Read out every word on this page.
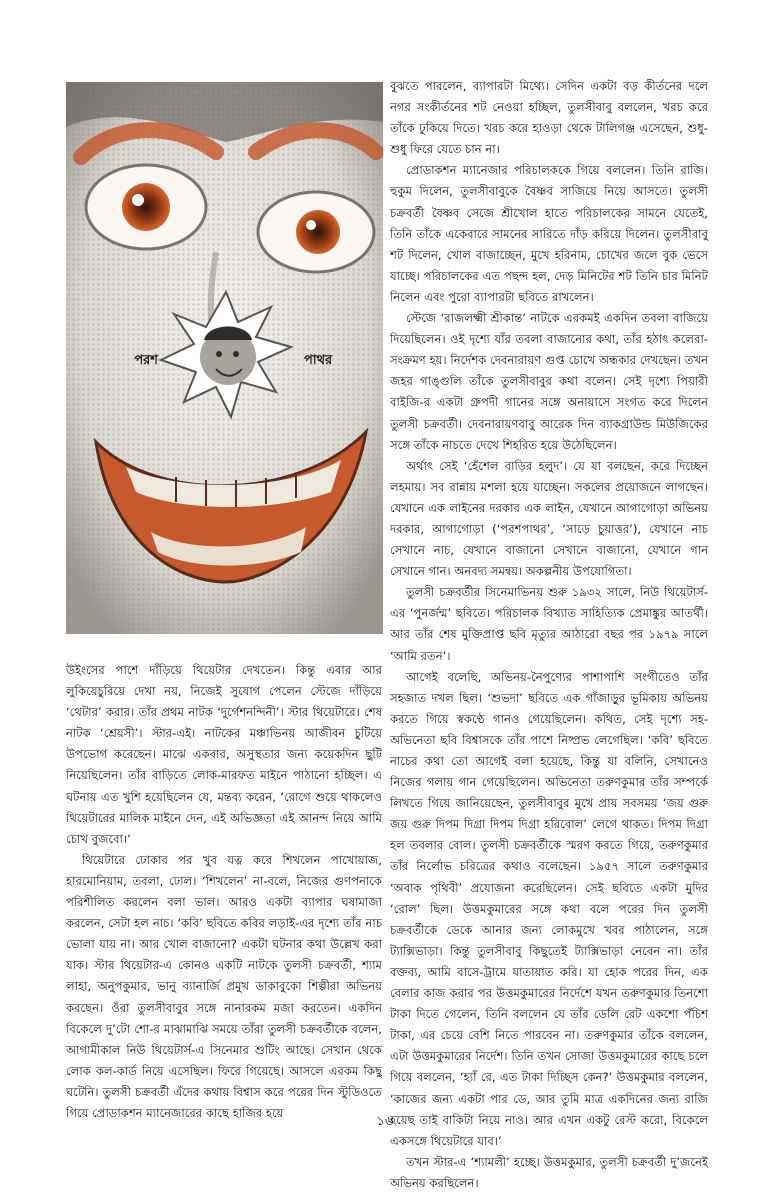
পরশ	পাথর

বুঝতে পারলেন, ব্যাপারটা মিথ্যে। সেদিন একটা বড় কীর্তনের দলে নগর সংকীর্তনের শট নেওয়া হচ্ছিল, তুলসীবাবু বললেন, খরচ করে তাঁকে ঢুকিয়ে দিতে। খরচ করে হাওড়া থেকে টালিগঞ্জ এসেছেন, শুধু-শুধু ফিরে যেতে চান না।

প্রোডাকশন ম্যানেজার পরিচালককে গিয়ে বললেন। তিনি রাজি। হুকুম দিলেন, তুলসীবাবুকে বৈষ্ণব সাজিয়ে নিয়ে আসতে। তুলসী চক্রবর্তী বৈষ্ণব সেজে শ্রীখোল হাতে পরিচালকের সামনে যেতেই, তিনি তাঁকে একেবারে সামনের সারিতে দাঁড় করিয়ে দিলেন। তুলসীবাবু শট দিলেন, খোল বাজাচ্ছেন, মুখে হরিনাম, চোখের জলে বুক ভেসে যাচ্ছে। পরিচালকের এত পছন্দ হল, দেড় মিনিটের শট তিনি চার মিনিট নিলেন এবং পুরো ব্যাপারটা ছবিতে রাখলেন।

স্টেজে ‘রাজলক্ষ্মী শ্রীকান্ত’ নাটকে এরকমই একদিন তবলা বাজিয়ে দিয়েছিলেন। ওই দৃশ্যে যাঁর তবলা বাজানোর কথা, তাঁর হঠাৎ কলেরা-সংক্রমণ হয়। নির্দেশক দেবনারায়ণ গুপ্ত চোখে অন্ধকার দেখছেন। তখন জহর গাঙ্গুলি তাঁকে তুলসীবাবুর কথা বলেন। সেই দৃশ্যে পিয়ারী বাইজি-র একটা গ্রুপদী গানের সঙ্গে অনায়াসে সংগত করে দিলেন তুলসী চক্রবর্তী। দেবনারায়ণবাবু আরেক দিন ব্যাকগ্রাউন্ড মিউজিকের সঙ্গে তাঁকে নাচতে দেখে শিহরিত হয়ে উঠেছিলেন।

অর্থাৎ সেই ‘হেঁশেল বাড়ির হলুদ’। যে যা বলছেন, করে দিচ্ছেন লহমায়। সব রান্নায় মশলা হয়ে যাচ্ছেন। সকলের প্রয়োজনে লাগছেন। যেখানে এক লাইনের দরকার এক লাইন, যেখানে আগাগোড়া অভিনয় দরকার, আগাগোড়া (‘পরশপাথর’, ‘সাড়ে চুয়াত্তর’), যেখানে নাচ সেখানে নাচ, যেখানে বাজানো সেখানে বাজানো, যেখানে গান সেখানে গান। অনবদ্য সমন্বয়। অকল্পনীয় উপযোগিতা।

তুলসী চক্রবর্তীর সিনেমাভিনয় শুরু ১৯৩২ সালে, নিউ থিয়েটার্স-এর ‘পুনর্জন্ম’ ছবিতে। পরিচালক বিখ্যাত সাহিত্যিক প্রেমাঙ্কুর আতর্থী। আর তাঁর শেষ মুক্তিপ্রাপ্ত ছবি মৃত্যুর আঠারো বছর পর ১৯৭৯ সালে ‘আমি রতন’।

আগেই বলেছি, অভিনয়-নৈপুণ্যের পাশাপাশি সংগীতেও তাঁর সহজাত দখল ছিল। ‘শুভদা’ ছবিতে এক গাঁজাড়ুর ভূমিকায় অভিনয় করতে গিয়ে স্বকণ্ঠে গানও গেয়েছিলেন। কথিত, সেই দৃশ্যে সহ-অভিনেতা ছবি বিশ্বাসকে তাঁর পাশে নিষ্প্রভ লেগেছিল। ‘কবি’ ছবিতে নাচের কথা তো আগেই বলা হয়েছে, কিন্তু যা বলিনি, সেখানেও নিজের গলায় গান গেয়েছিলেন। অভিনেতা তরুণকুমার তাঁর সম্পর্কে লিখতে গিয়ে জানিয়েছেন, তুলসীবাবুর মুখে প্রায় সবসময় ‘জয় গুরু জয় গুরু দিপম দিগ্রা দিপম দিগ্রা হরিবোল’ লেগে থাকত। দিপম দিগ্রা হল তবলার বোল। তুলসী চক্রবর্তীকে স্মরণ করতে গিয়ে, তরুণকুমার তাঁর নির্লোভ চরিত্রের কথাও বলেছেন। ১৯৫৭ সালে তরুণকুমার ‘অবাক পৃথিবী’ প্রযোজনা করেছিলেন। সেই ছবিতে একটা মুদির ‘রোল’ ছিল। উত্তমকুমারের সঙ্গে কথা বলে পরের দিন তুলসী চক্রবর্তীকে ডেকে আনার জন্য লোকমুখে খবর পাঠালেন, সঙ্গে ট্যাক্সিভাড়া। কিন্তু তুলসীবাবু কিছুতেই ট্যাক্সিভাড়া নেবেন না। তাঁর বক্তব্য, আমি বাসে-ট্রামে যাতায়াত করি। যা হোক পরের দিন, এক বেলার কাজ করার পর উত্তমকুমারের নির্দেশে যখন তরুণকুমার তিনশো টাকা দিতে গেলেন, তিনি বললেন যে তাঁর ডেলি রেট একশো পঁচিশ টাকা, এর চেয়ে বেশি নিতে পারবেন না। তরুণকুমার তাঁকে বললেন, এটা উত্তমকুমারের নির্দেশ। তিনি তখন সোজা উত্তমকুমারের কাছে চলে গিয়ে বললেন, ‘হ্যাঁ রে, এত টাকা দিচ্ছিস কেন?’ উত্তমকুমার বললেন, ‘কাজের জন্য একটা পার ডে, আর তুমি মাত্র একদিনের জন্য রাজি হয়েছ তাই বাকিটা নিয়ে নাও। আর এখন একটু রেস্ট করো, বিকেলে একসঙ্গে থিয়েটারে যাব।’

তখন স্টার-এ ‘শ্যামলী’ হচ্ছে। উত্তমকুমার, তুলসী চক্রবর্তী দু’জনেই অভিনয় করছিলেন।

উইংসের পাশে দাঁড়িয়ে থিয়েটার দেখতেন। কিন্তু এবার আর লুকিয়েচুরিয়ে দেখা নয়, নিজেই সুযোগ পেলেন স্টেজে দাঁড়িয়ে ‘থেটার’ করার। তাঁর প্রথম নাটক ‘দুর্গেশনন্দিনী’। স্টার থিয়েটারে। শেষ নাটক ‘শ্রেয়সী’। স্টার-এই। নাটকের মঞ্চাভিনয় আজীবন চুটিয়ে উপভোগ করেছেন। মাঝে একবার, অসুস্থতার জন্য কয়েকদিন ছুটি নিয়েছিলেন। তাঁর বাড়িতে লোক-মারফত মাইনে পাঠানো হচ্ছিল। এ ঘটনায় এত খুশি হয়েছিলেন যে, মন্তব্য করেন, ‘রোগে শুয়ে থাকলেও থিয়েটারের মালিক মাইনে দেন, এই অভিজ্ঞতা এই আনন্দ নিয়ে আমি চোখ বুজবো।’

থিয়েটারে ঢোকার পর খুব যত্ন করে শিখলেন পাখোয়াজ, হারমোনিয়াম, তবলা, ঢোল। ‘শিখলেন’ না-বলে, নিজের গুণপনাকে পরিশীলিত করলেন বলা ভাল। আরও একটা ব্যাপার ঘষামাজা করলেন, সেটা হল নাচ। ‘কবি’ ছবিতে কবির লড়াই-এর দৃশ্যে তাঁর নাচ ভোলা যায় না। আর খোল বাজানো? একটা ঘটনার কথা উল্লেখ করা যাক। স্টার থিয়েটার-এ কোনও একটি নাটকে তুলসী চক্রবর্তী, শ্যাম লাহা, অনুপকুমার, ভানু ব্যানার্জি প্রমুখ ডাকাবুকো শিল্পীরা অভিনয় করছেন। ওঁরা তুলসীবাবুর সঙ্গে নানারকম মজা করতেন। একদিন বিকেলে দু’টো শো-র মাঝামাঝি সময়ে তাঁরা তুলসী চক্রবর্তীকে বলেন, আগামীকাল নিউ থিয়েটার্স-এ সিনেমার শুটিং আছে। সেখান থেকে লোক কল-কার্ড নিয়ে এসেছিল। ফিরে গিয়েছে। আসলে এরকম কিছু ঘটেনি। তুলসী চক্রবর্তী এঁদের কথায় বিশ্বাস করে পরের দিন স্টুডিওতে গিয়ে প্রোডাকশন ম্যানেজারের কাছে হাজির হয়ে

১৬
